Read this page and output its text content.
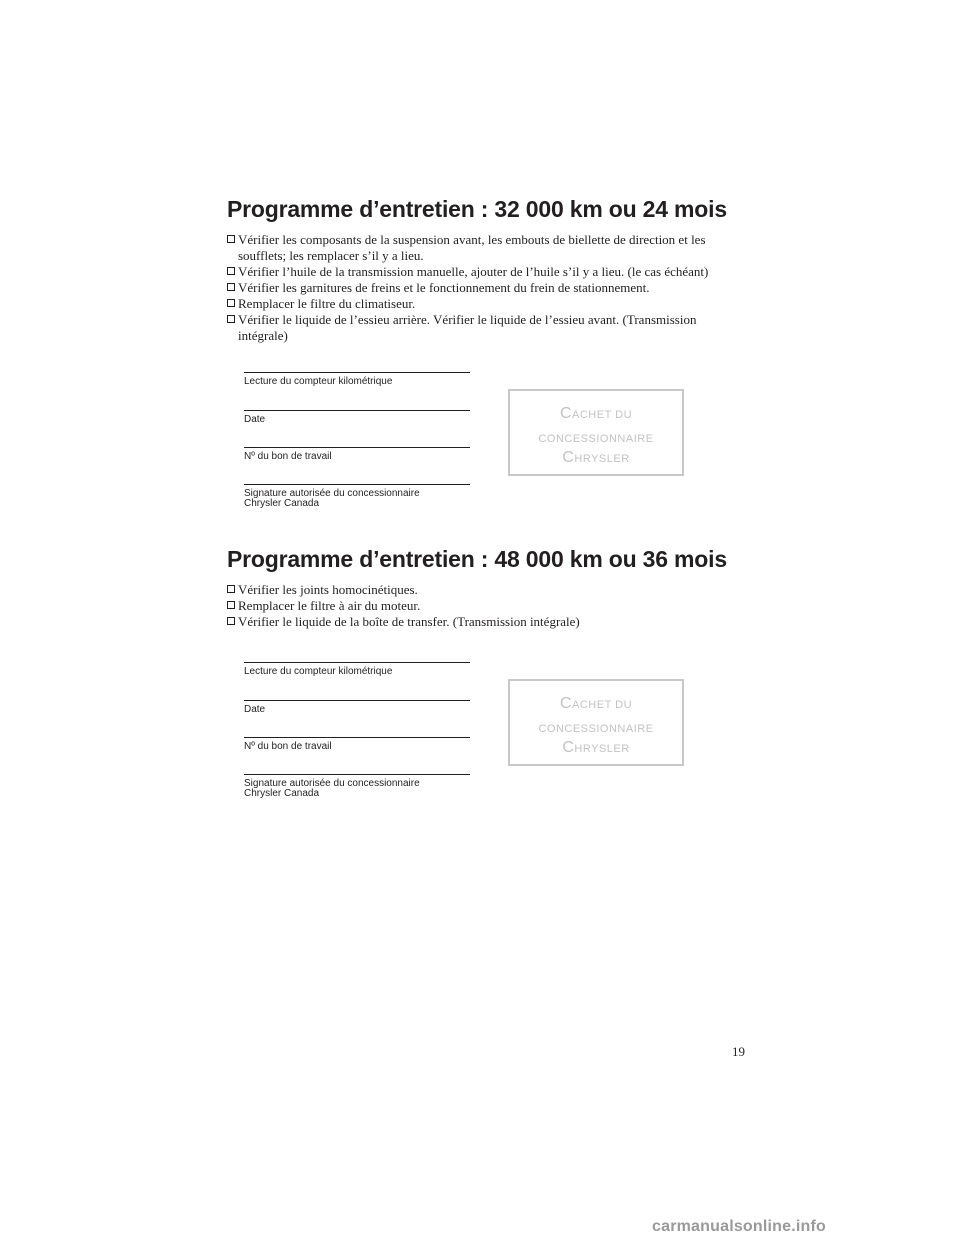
Programme d’entretien : 32 000 km ou 24 mois
Vérifier les composants de la suspension avant, les embouts de biellette de direction et les soufflets; les remplacer s’il y a lieu.
Vérifier l’huile de la transmission manuelle, ajouter de l’huile s’il y a lieu. (le cas échéant)
Vérifier les garnitures de freins et le fonctionnement du frein de stationnement.
Remplacer le filtre du climatiseur.
Vérifier le liquide de l’essieu arrière. Vérifier le liquide de l’essieu avant. (Transmission intégrale)
Lecture du compteur kilométrique
Date
Nº du bon de travail
Signature autorisée du concessionnaire
Chrysler Canada
CACHET DU
CONCESSIONNAIRE
CHRYSLER
Programme d’entretien : 48 000 km ou 36 mois
Vérifier les joints homocinétiques.
Remplacer le filtre à air du moteur.
Vérifier le liquide de la boîte de transfer. (Transmission intégrale)
Lecture du compteur kilométrique
Date
Nº du bon de travail
Signature autorisée du concessionnaire
Chrysler Canada
CACHET DU
CONCESSIONNAIRE
CHRYSLER
19
carmanualsonline.info
